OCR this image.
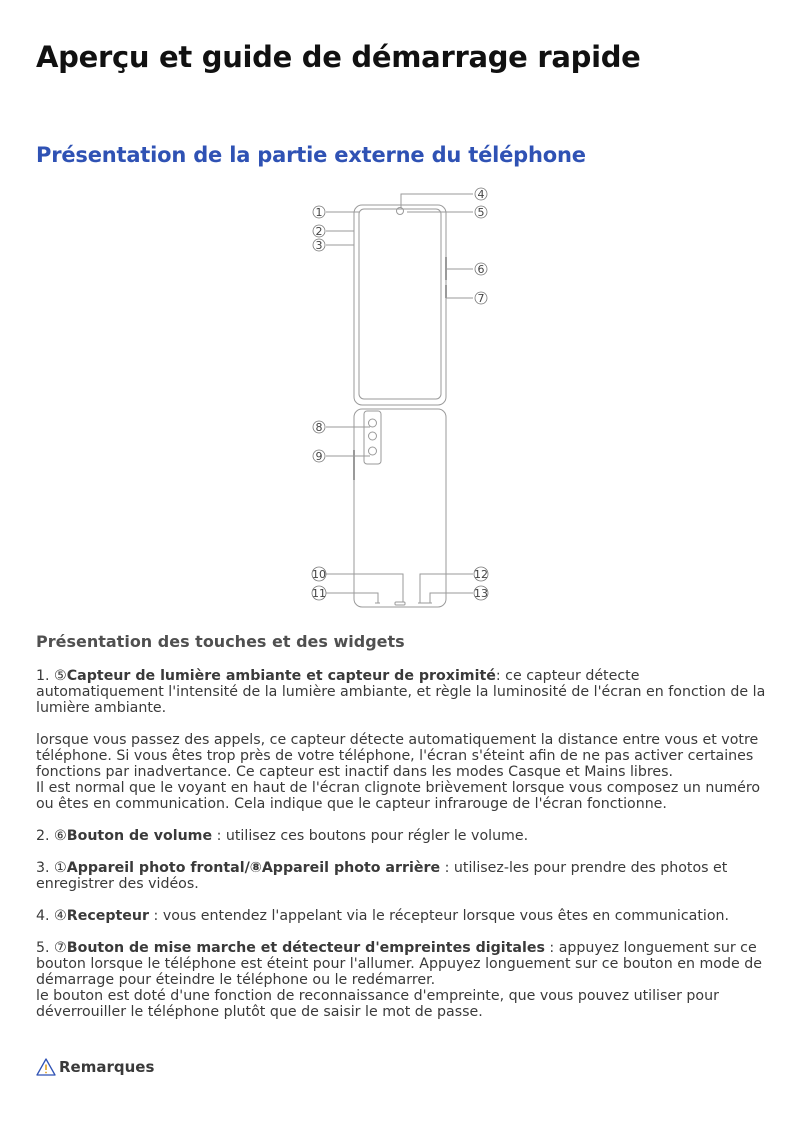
Aperçu et guide de démarrage rapide
Présentation de la partie externe du téléphone
1
2
3
4
5
6
7
8
9
10
11
12
13
Présentation des touches et des widgets

1. ⑤Capteur de lumière ambiante et capteur de proximité: ce capteur détecte automatiquement l'intensité de la lumière ambiante, et règle la luminosité de l'écran en fonction de la lumière ambiante.

lorsque vous passez des appels, ce capteur détecte automatiquement la distance entre vous et votre téléphone. Si vous êtes trop près de votre téléphone, l'écran s'éteint afin de ne pas activer certaines fonctions par inadvertance. Ce capteur est inactif dans les modes Casque et Mains libres.
Il est normal que le voyant en haut de l'écran clignote brièvement lorsque vous composez un numéro ou êtes en communication. Cela indique que le capteur infrarouge de l'écran fonctionne.

2. ⑥Bouton de volume : utilisez ces boutons pour régler le volume.

3. ①Appareil photo frontal/⑧Appareil photo arrière : utilisez-les pour prendre des photos et enregistrer des vidéos.

4. ④Recepteur : vous entendez l'appelant via le récepteur lorsque vous êtes en communication.

5. ⑦Bouton de mise marche et détecteur d'empreintes digitales : appuyez longuement sur ce bouton lorsque le téléphone est éteint pour l'allumer. Appuyez longuement sur ce bouton en mode de démarrage pour éteindre le téléphone ou le redémarrer.
le bouton est doté d'une fonction de reconnaissance d'empreinte, que vous pouvez utiliser pour déverrouiller le téléphone plutôt que de saisir le mot de passe.

Remarques
